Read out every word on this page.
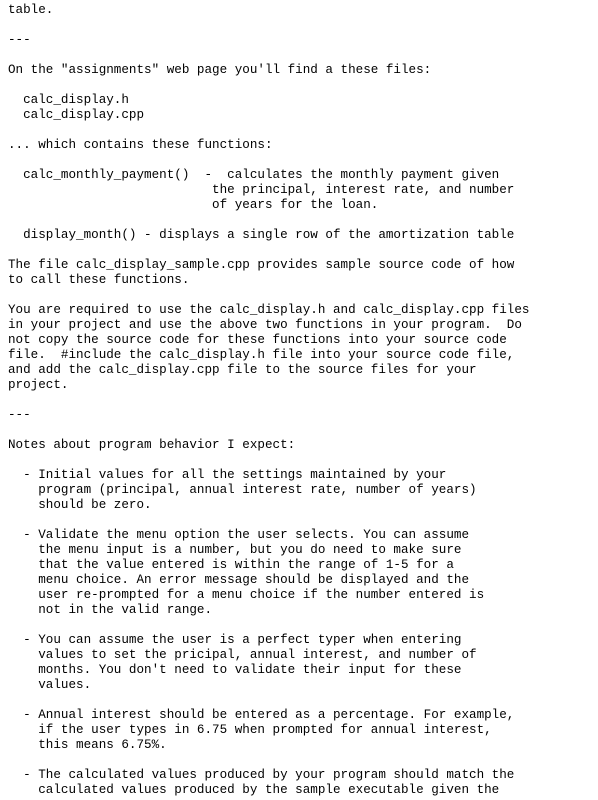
table.
---
On the "assignments" web page you'll find a these files:
calc_display.h
calc_display.cpp
... which contains these functions:
calc_monthly_payment()  -  calculates the monthly payment given
the principal, interest rate, and number
of years for the loan.
display_month() - displays a single row of the amortization table
The file calc_display_sample.cpp provides sample source code of how
to call these functions.
You are required to use the calc_display.h and calc_display.cpp files
in your project and use the above two functions in your program.  Do
not copy the source code for these functions into your source code
file.  #include the calc_display.h file into your source code file,
and add the calc_display.cpp file to the source files for your
project.
---
Notes about program behavior I expect:
- Initial values for all the settings maintained by your
program (principal, annual interest rate, number of years)
should be zero.
- Validate the menu option the user selects. You can assume
the menu input is a number, but you do need to make sure
that the value entered is within the range of 1-5 for a
menu choice. An error message should be displayed and the
user re-prompted for a menu choice if the number entered is
not in the valid range.
- You can assume the user is a perfect typer when entering
values to set the pricipal, annual interest, and number of
months. You don't need to validate their input for these
values.
- Annual interest should be entered as a percentage. For example,
if the user types in 6.75 when prompted for annual interest,
this means 6.75%.
- The calculated values produced by your program should match the
calculated values produced by the sample executable given the
